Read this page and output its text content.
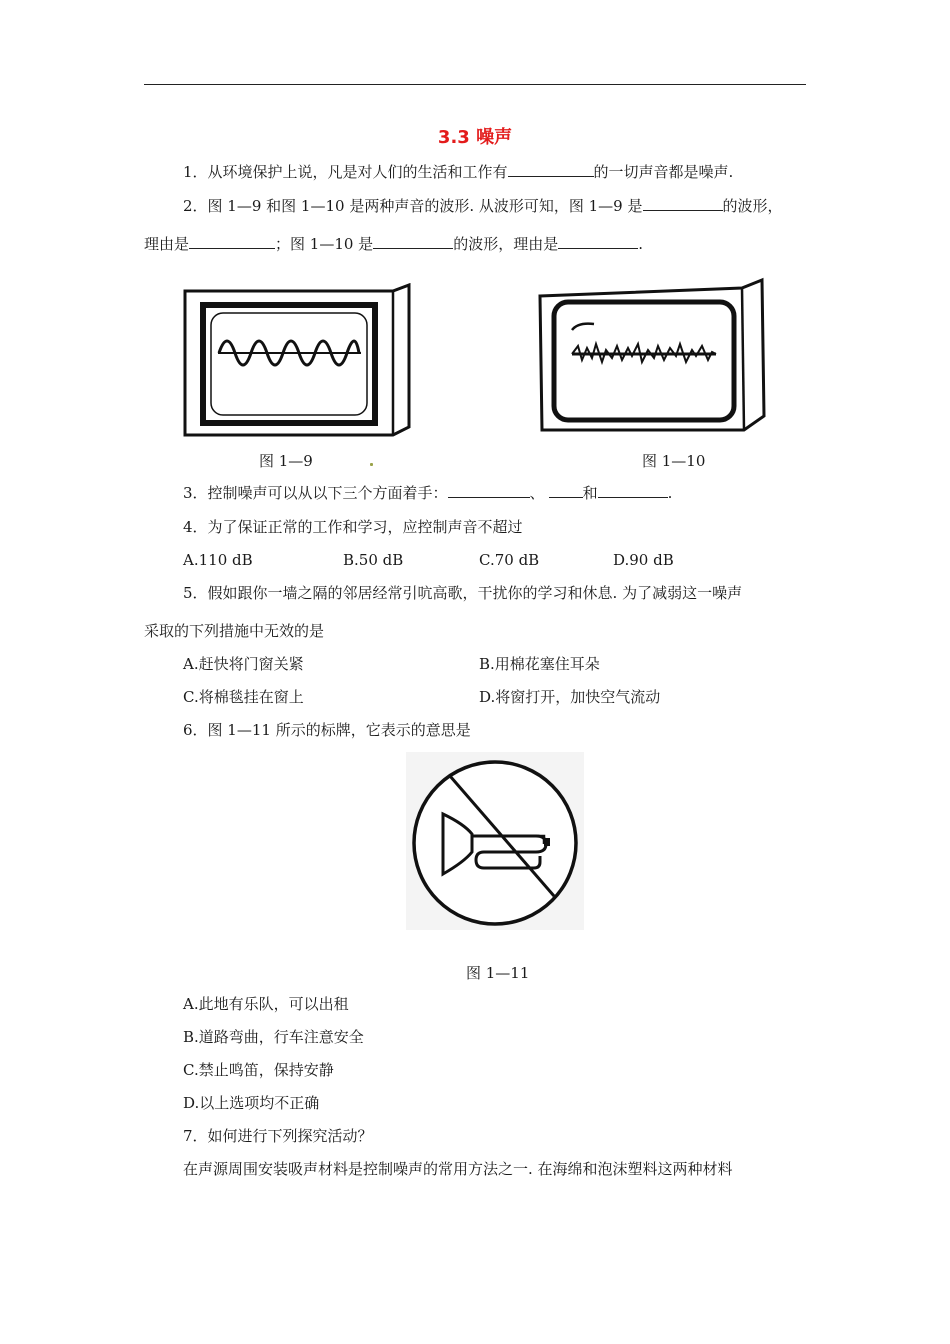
3.3 噪声
1．从环境保护上说，凡是对人们的生活和工作有	的一切声音都是噪声.
2．图 1—9 和图 1—10 是两种声音的波形. 从波形可知，图 1—9 是	的波形，
理由是	；图 1—10 是	的波形，理由是	.
图 1—9	图 1—10
3．控制噪声可以从以下三个方面着手：	、	和	.
4．为了保证正常的工作和学习，应控制声音不超过
A.110 dB	B.50 dB	C.70 dB	D.90 dB
5．假如跟你一墙之隔的邻居经常引吭高歌，干扰你的学习和休息. 为了减弱这一噪声
采取的下列措施中无效的是
A.赶快将门窗关紧	B.用棉花塞住耳朵
C.将棉毯挂在窗上	D.将窗打开，加快空气流动
6．图 1—11 所示的标牌，它表示的意思是
图 1—11
A.此地有乐队，可以出租
B.道路弯曲，行车注意安全
C.禁止鸣笛，保持安静
D.以上选项均不正确
7．如何进行下列探究活动？
在声源周围安装吸声材料是控制噪声的常用方法之一. 在海绵和泡沫塑料这两种材料
